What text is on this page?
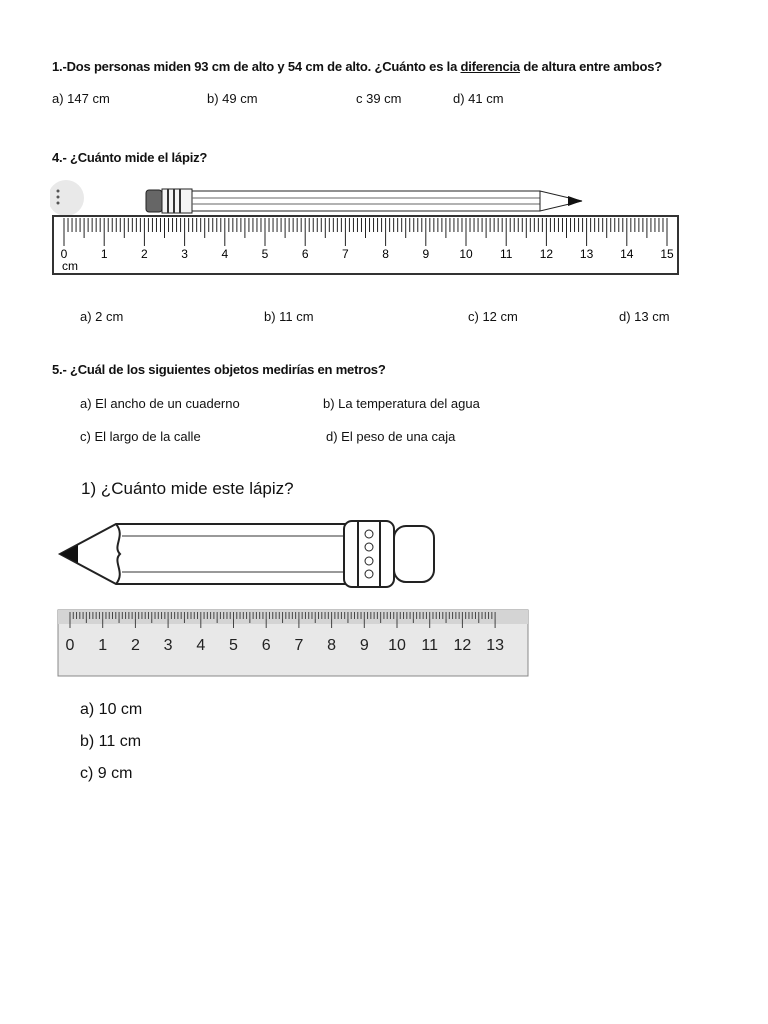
1.-Dos personas miden 93 cm de alto y 54 cm de alto. ¿Cuánto es la diferencia de altura entre ambos?
a) 147 cm	b) 49 cm	c 39 cm	d) 41 cm
4.- ¿Cuánto mide el lápiz?
0	1	2	3	4	5	6	7	8	9	10 11 12 13 14 15
cm
a) 2 cm	b) 11 cm	c) 12 cm	d) 13 cm
5.- ¿Cuál de los siguientes objetos medirías en metros?
a) El ancho de un cuaderno	b) La temperatura del agua
c) El largo de la calle	d) El peso de una caja
1) ¿Cuánto mide este lápiz?
0 1 2 3 4 5 6 7 8 9 10 11 12 13
a) 10 cm
b) 11 cm
c) 9 cm
